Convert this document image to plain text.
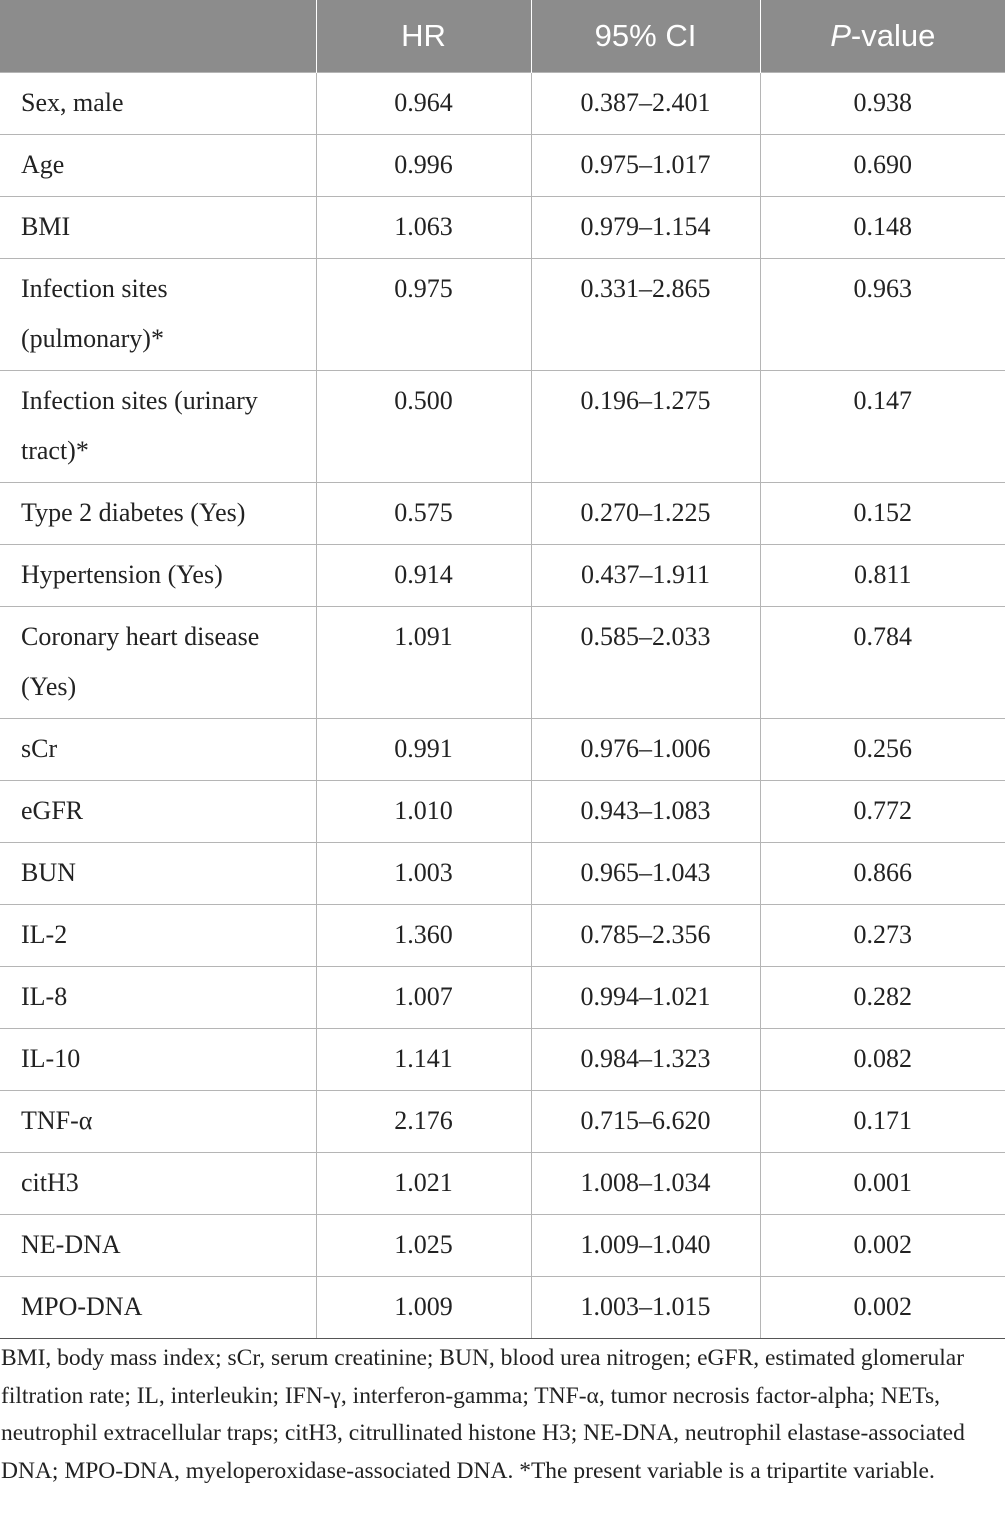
	HR	95% CI	P-value
Sex, male	0.964	0.387–2.401	0.938
Age	0.996	0.975–1.017	0.690
BMI	1.063	0.979–1.154	0.148
Infection sites (pulmonary)*	0.975	0.331–2.865	0.963
Infection sites (urinary tract)*	0.500	0.196–1.275	0.147
Type 2 diabetes (Yes)	0.575	0.270–1.225	0.152
Hypertension (Yes)	0.914	0.437–1.911	0.811
Coronary heart disease (Yes)	1.091	0.585–2.033	0.784
sCr	0.991	0.976–1.006	0.256
eGFR	1.010	0.943–1.083	0.772
BUN	1.003	0.965–1.043	0.866
IL-2	1.360	0.785–2.356	0.273
IL-8	1.007	0.994–1.021	0.282
IL-10	1.141	0.984–1.323	0.082
TNF-α	2.176	0.715–6.620	0.171
citH3	1.021	1.008–1.034	0.001
NE-DNA	1.025	1.009–1.040	0.002
MPO-DNA	1.009	1.003–1.015	0.002
BMI, body mass index; sCr, serum creatinine; BUN, blood urea nitrogen; eGFR, estimated glomerular filtration rate; IL, interleukin; IFN-γ, interferon-gamma; TNF-α, tumor necrosis factor-alpha; NETs, neutrophil extracellular traps; citH3, citrullinated histone H3; NE-DNA, neutrophil elastase-associated DNA; MPO-DNA, myeloperoxidase-associated DNA. *The present variable is a tripartite variable.
